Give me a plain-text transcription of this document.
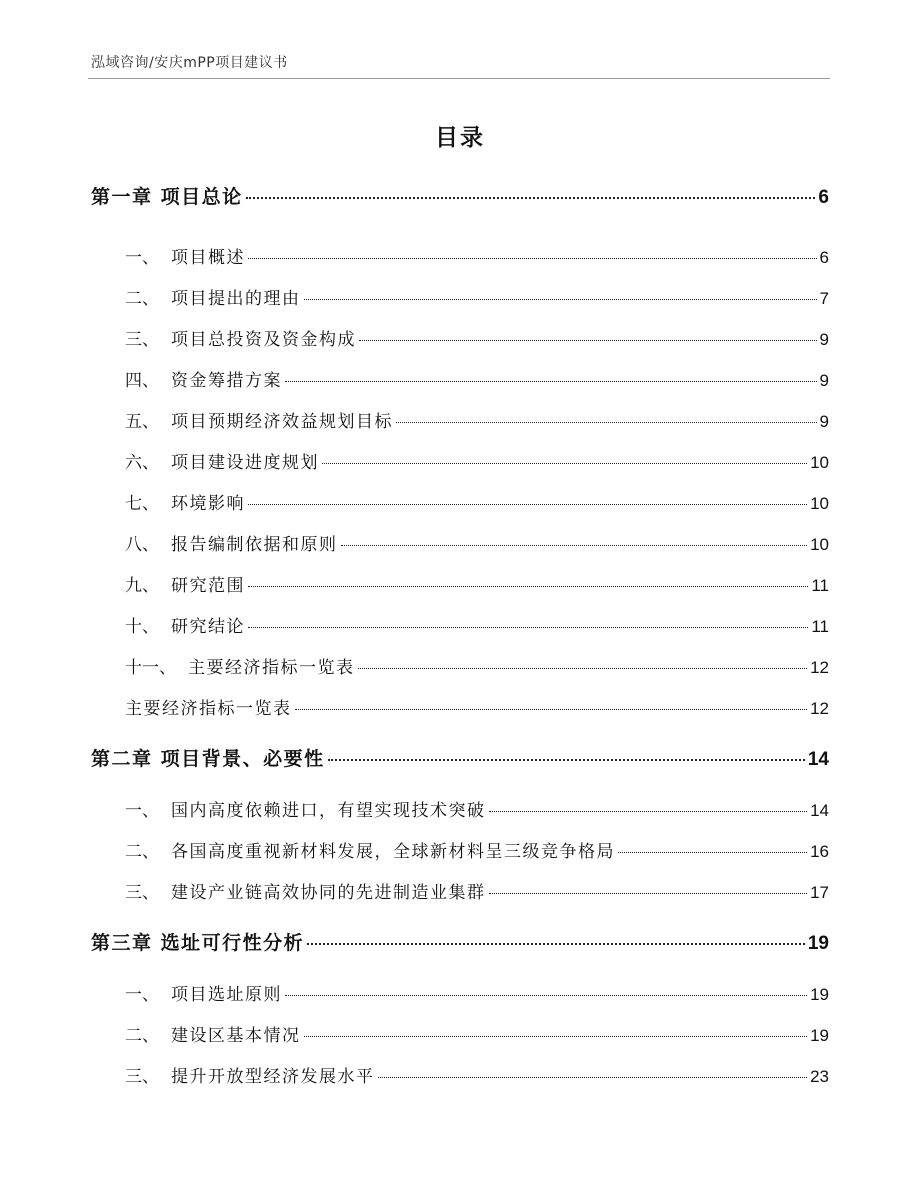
泓域咨询/安庆mPP项目建议书
目录
第一章 项目总论	6
一、 项目概述	6
二、 项目提出的理由	7
三、 项目总投资及资金构成	9
四、 资金筹措方案	9
五、 项目预期经济效益规划目标	9
六、 项目建设进度规划	10
七、 环境影响	10
八、 报告编制依据和原则	10
九、 研究范围	11
十、 研究结论	11
十一、 主要经济指标一览表	12
主要经济指标一览表	12
第二章 项目背景、必要性	14
一、 国内高度依赖进口，有望实现技术突破	14
二、 各国高度重视新材料发展，全球新材料呈三级竞争格局	16
三、 建设产业链高效协同的先进制造业集群	17
第三章 选址可行性分析	19
一、 项目选址原则	19
二、 建设区基本情况	19
三、 提升开放型经济发展水平	23
